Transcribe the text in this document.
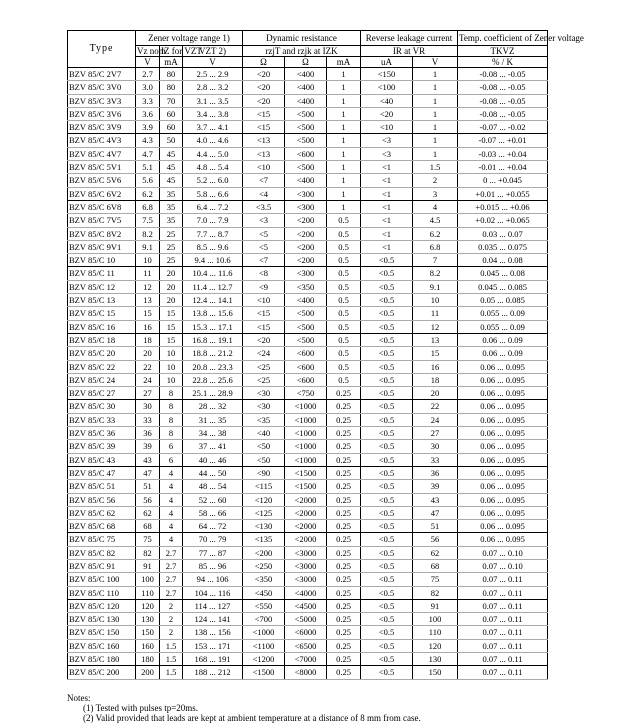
Type	Zener voltage range 1)			Dynamic resistance			Reverse leakage current		Temp. coefficient of Zener voltage
	Vz nom	IZ for VZT	VZT 2)	rzjT and rzjk at IZK			IR at VR		TKVZ
	V	mA	V	Ω	Ω	mA	uA	V	% / K
BZV 85/C 2V7	2.7	80	2.5 ... 2.9	<20	<400	1	<150	1	-0.08 ... -0.05
BZV 85/C 3V0	3.0	80	2.8 ... 3.2	<20	<400	1	<100	1	-0.08 ... -0.05
BZV 85/C 3V3	3.3	70	3.1 ... 3.5	<20	<400	1	<40	1	-0.08 ... -0.05
BZV 85/C 3V6	3.6	60	3.4 ... 3.8	<15	<500	1	<20	1	-0.08 ... -0.05
BZV 85/C 3V9	3.9	60	3.7 ... 4.1	<15	<500	1	<10	1	-0.07 ... -0.02
BZV 85/C 4V3	4.3	50	4.0 ... 4.6	<13	<500	1	<3	1	-0.07 ... +0.01
BZV 85/C 4V7	4.7	45	4.4 ... 5.0	<13	<600	1	<3	1	-0.03 ... +0.04
BZV 85/C 5V1	5.1	45	4.8 ... 5.4	<10	<500	1	<1	1.5	-0.01 ... +0.04
BZV 85/C 5V6	5.6	45	5.2 ... 6.0	<7	<400	1	<1	2	0 ... +0.045
BZV 85/C 6V2	6.2	35	5.8 ... 6.6	<4	<300	1	<1	3	+0.01 ... +0.055
BZV 85/C 6V8	6.8	35	6.4 ... 7.2	<3.5	<300	1	<1	4	+0.015 ... +0.06
BZV 85/C 7V5	7.5	35	7.0 ... 7.9	<3	<200	0.5	<1	4.5	+0.02 ... +0.065
BZV 85/C 8V2	8.2	25	7.7 ... 8.7	<5	<200	0.5	<1	6.2	0.03 ... 0.07
BZV 85/C 9V1	9.1	25	8.5 ... 9.6	<5	<200	0.5	<1	6.8	0.035 ... 0.075
BZV 85/C 10	10	25	9.4 ... 10.6	<7	<200	0.5	<0.5	7	0.04 ... 0.08
BZV 85/C 11	11	20	10.4 ... 11.6	<8	<300	0.5	<0.5	8.2	0.045 ... 0.08
BZV 85/C 12	12	20	11.4 ... 12.7	<9	<350	0.5	<0.5	9.1	0.045 ... 0.085
BZV 85/C 13	13	20	12.4 ... 14.1	<10	<400	0.5	<0.5	10	0.05 ... 0.085
BZV 85/C 15	15	15	13.8 ... 15.6	<15	<500	0.5	<0.5	11	0.055 ... 0.09
BZV 85/C 16	16	15	15.3 ... 17.1	<15	<500	0.5	<0.5	12	0.055 ... 0.09
BZV 85/C 18	18	15	16.8 ... 19.1	<20	<500	0.5	<0.5	13	0.06 ... 0.09
BZV 85/C 20	20	10	18.8 ... 21.2	<24	<600	0.5	<0.5	15	0.06 ... 0.09
BZV 85/C 22	22	10	20.8 ... 23.3	<25	<600	0.5	<0.5	16	0.06 ... 0.095
BZV 85/C 24	24	10	22.8 ... 25.6	<25	<600	0.5	<0.5	18	0.06 ... 0.095
BZV 85/C 27	27	8	25.1 ... 28.9	<30	<750	0.25	<0.5	20	0.06 ... 0.095
BZV 85/C 30	30	8	28 ... 32	<30	<1000	0.25	<0.5	22	0.06 ... 0.095
BZV 85/C 33	33	8	31 ... 35	<35	<1000	0.25	<0.5	24	0.06 ... 0.095
BZV 85/C 36	36	8	34 ... 38	<40	<1000	0.25	<0.5	27	0.06 ... 0.095
BZV 85/C 39	39	6	37 ... 41	<50	<1000	0.25	<0.5	30	0.06 ... 0.095
BZV 85/C 43	43	6	40 ... 46	<50	<1000	0.25	<0.5	33	0.06 ... 0.095
BZV 85/C 47	47	4	44 ... 50	<90	<1500	0.25	<0.5	36	0.06 ... 0.095
BZV 85/C 51	51	4	48 ... 54	<115	<1500	0.25	<0.5	39	0.06 ... 0.095
BZV 85/C 56	56	4	52 ... 60	<120	<2000	0.25	<0.5	43	0.06 ... 0.095
BZV 85/C 62	62	4	58 ... 66	<125	<2000	0.25	<0.5	47	0.06 ... 0.095
BZV 85/C 68	68	4	64 ... 72	<130	<2000	0.25	<0.5	51	0.06 ... 0.095
BZV 85/C 75	75	4	70 ... 79	<135	<2000	0.25	<0.5	56	0.06 ... 0.095
BZV 85/C 82	82	2.7	77 ... 87	<200	<3000	0.25	<0.5	62	0.07 ... 0.10
BZV 85/C 91	91	2.7	85 ... 96	<250	<3000	0.25	<0.5	68	0.07 ... 0.10
BZV 85/C 100	100	2.7	94 ... 106	<350	<3000	0.25	<0.5	75	0.07 ... 0.11
BZV 85/C 110	110	2.7	104 ... 116	<450	<4000	0.25	<0.5	82	0.07 ... 0.11
BZV 85/C 120	120	2	114 ... 127	<550	<4500	0.25	<0.5	91	0.07 ... 0.11
BZV 85/C 130	130	2	124 ... 141	<700	<5000	0.25	<0.5	100	0.07 ... 0.11
BZV 85/C 150	150	2	138 ... 156	<1000	<6000	0.25	<0.5	110	0.07 ... 0.11
BZV 85/C 160	160	1.5	153 ... 171	<1100	<6500	0.25	<0.5	120	0.07 ... 0.11
BZV 85/C 180	180	1.5	168 ... 191	<1200	<7000	0.25	<0.5	130	0.07 ... 0.11
BZV 85/C 200	200	1.5	188 ... 212	<1500	<8000	0.25	<0.5	150	0.07 ... 0.11
Notes:
(1) Tested with pulses tp=20ms.
(2) Valid provided that leads are kept at ambient temperature at a distance of 8 mm from case.
